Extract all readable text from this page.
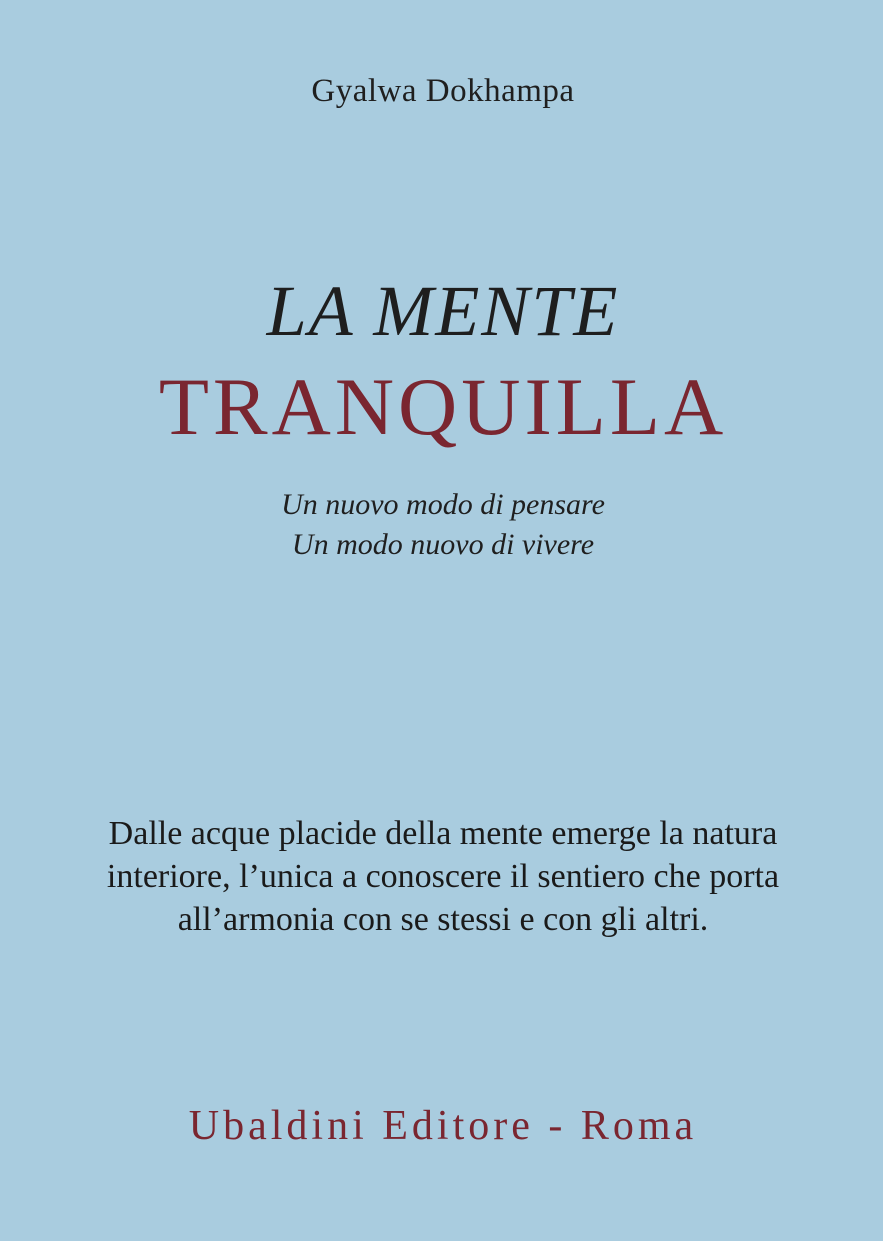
Gyalwa Dokhampa
LA MENTE
TRANQUILLA
Un nuovo modo di pensare
Un modo nuovo di vivere
Dalle acque placide della mente emerge la natura
interiore, l’unica a conoscere il sentiero che porta
all’armonia con se stessi e con gli altri.
Ubaldini Editore - Roma
